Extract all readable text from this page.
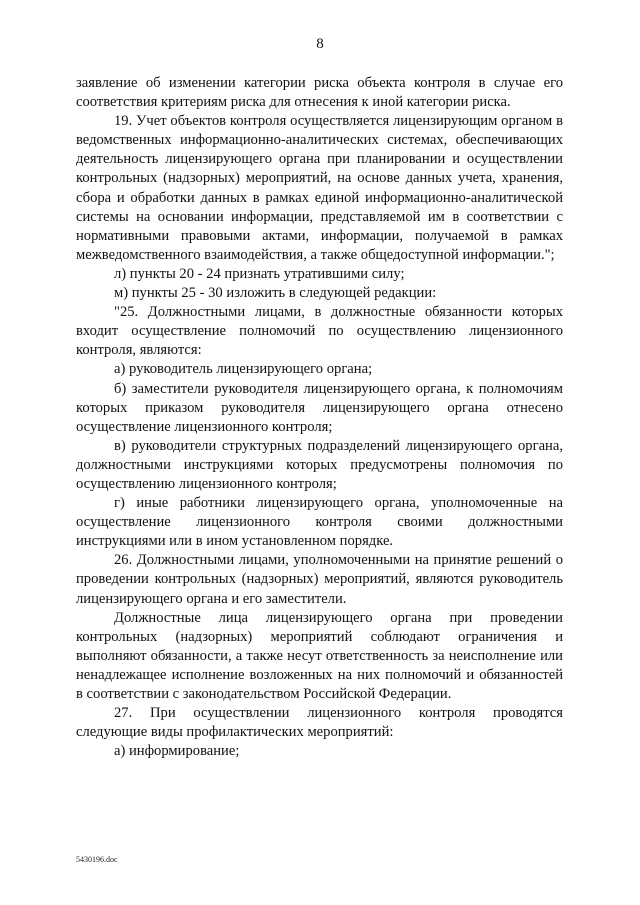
8

заявление об изменении категории риска объекта контроля в случае его соответствия критериям риска для отнесения к иной категории риска.

19. Учет объектов контроля осуществляется лицензирующим органом в ведомственных информационно-аналитических системах, обеспечивающих деятельность лицензирующего органа при планировании и осуществлении контрольных (надзорных) мероприятий, на основе данных учета, хранения, сбора и обработки данных в рамках единой информационно-аналитической системы на основании информации, представляемой им в соответствии с нормативными правовыми актами, информации, получаемой в рамках межведомственного взаимодействия, а также общедоступной информации.";

л) пункты 20 - 24 признать утратившими силу;

м) пункты 25 - 30 изложить в следующей редакции:

"25. Должностными лицами, в должностные обязанности которых входит осуществление полномочий по осуществлению лицензионного контроля, являются:

а) руководитель лицензирующего органа;

б) заместители руководителя лицензирующего органа, к полномочиям которых приказом руководителя лицензирующего органа отнесено осуществление лицензионного контроля;

в) руководители структурных подразделений лицензирующего органа, должностными инструкциями которых предусмотрены полномочия по осуществлению лицензионного контроля;

г) иные работники лицензирующего органа, уполномоченные на осуществление лицензионного контроля своими должностными инструкциями или в ином установленном порядке.

26. Должностными лицами, уполномоченными на принятие решений о проведении контрольных (надзорных) мероприятий, являются руководитель лицензирующего органа и его заместители.

Должностные лица лицензирующего органа при проведении контрольных (надзорных) мероприятий соблюдают ограничения и выполняют обязанности, а также несут ответственность за неисполнение или ненадлежащее исполнение возложенных на них полномочий и обязанностей в соответствии с законодательством Российской Федерации.

27. При осуществлении лицензионного контроля проводятся следующие виды профилактических мероприятий:

а) информирование;

5430196.doc
